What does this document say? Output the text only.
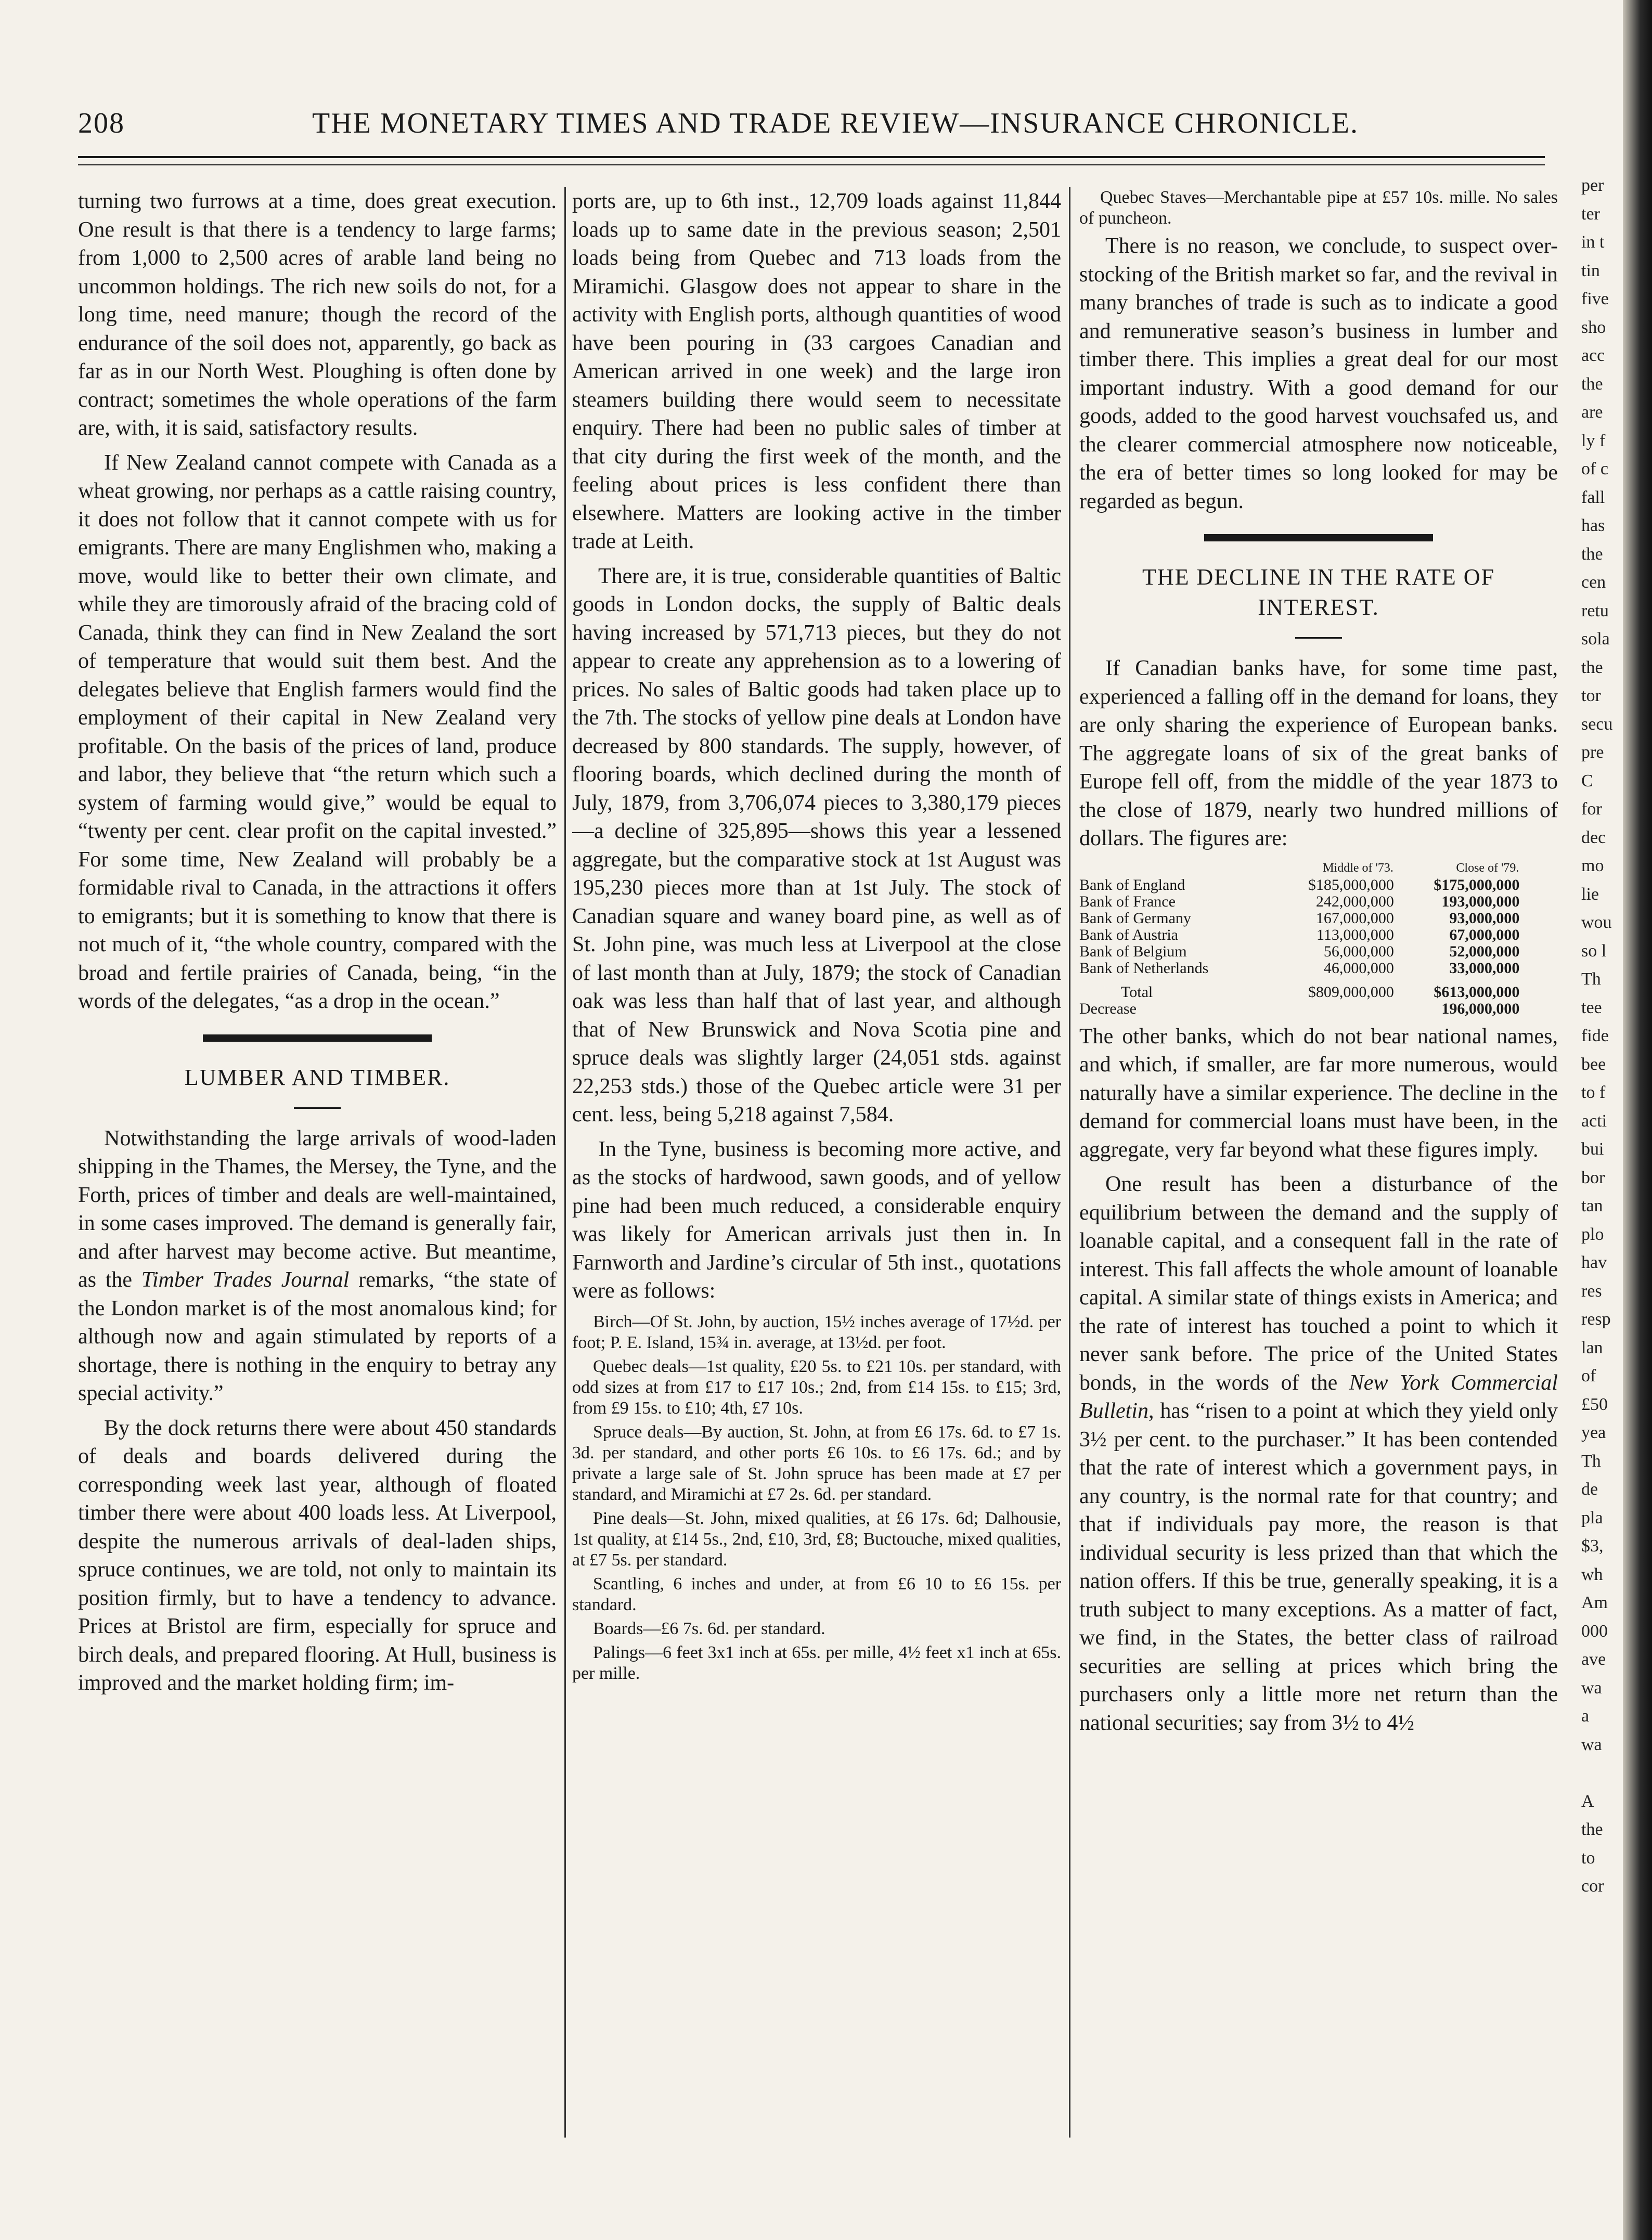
208	THE MONETARY TIMES AND TRADE REVIEW—INSURANCE CHRONICLE.

turning two furrows at a time, does great execution. One result is that there is a tendency to large farms; from 1,000 to 2,500 acres of arable land being no uncommon holdings. The rich new soils do not, for a long time, need manure; though the record of the endurance of the soil does not, apparently, go back as far as in our North West. Ploughing is often done by contract; sometimes the whole operations of the farm are, with, it is said, satisfactory results.

If New Zealand cannot compete with Canada as a wheat growing, nor perhaps as a cattle raising country, it does not follow that it cannot compete with us for emigrants. There are many Englishmen who, making a move, would like to better their own climate, and while they are timorously afraid of the bracing cold of Canada, think they can find in New Zealand the sort of temperature that would suit them best. And the delegates believe that English farmers would find the employment of their capital in New Zealand very profitable. On the basis of the prices of land, produce and labor, they believe that “the return which such a system of farming would give,” would be equal to “twenty per cent. clear profit on the capital invested.” For some time, New Zealand will probably be a formidable rival to Canada, in the attractions it offers to emigrants; but it is something to know that there is not much of it, “the whole country, compared with the broad and fertile prairies of Canada, being, “in the words of the delegates, “as a drop in the ocean.”

LUMBER AND TIMBER.

Notwithstanding the large arrivals of wood-laden shipping in the Thames, the Mersey, the Tyne, and the Forth, prices of timber and deals are well-maintained, in some cases improved. The demand is generally fair, and after harvest may become active. But meantime, as the Timber Trades Journal remarks, “the state of the London market is of the most anomalous kind; for although now and again stimulated by reports of a shortage, there is nothing in the enquiry to betray any special activity.”

By the dock returns there were about 450 standards of deals and boards delivered during the corresponding week last year, although of floated timber there were about 400 loads less. At Liverpool, despite the numerous arrivals of deal-laden ships, spruce continues, we are told, not only to maintain its position firmly, but to have a tendency to advance. Prices at Bristol are firm, especially for spruce and birch deals, and prepared flooring. At Hull, business is improved and the market holding firm; im-

ports are, up to 6th inst., 12,709 loads against 11,844 loads up to same date in the previous season; 2,501 loads being from Quebec and 713 loads from the Miramichi. Glasgow does not appear to share in the activity with English ports, although quantities of wood have been pouring in (33 cargoes Canadian and American arrived in one week) and the large iron steamers building there would seem to necessitate enquiry. There had been no public sales of timber at that city during the first week of the month, and the feeling about prices is less confident there than elsewhere. Matters are looking active in the timber trade at Leith.

There are, it is true, considerable quantities of Baltic goods in London docks, the supply of Baltic deals having increased by 571,713 pieces, but they do not appear to create any apprehension as to a lowering of prices. No sales of Baltic goods had taken place up to the 7th. The stocks of yellow pine deals at London have decreased by 800 standards. The supply, however, of flooring boards, which declined during the month of July, 1879, from 3,706,074 pieces to 3,380,179 pieces—a decline of 325,895—shows this year a lessened aggregate, but the comparative stock at 1st August was 195,230 pieces more than at 1st July. The stock of Canadian square and waney board pine, as well as of St. John pine, was much less at Liverpool at the close of last month than at July, 1879; the stock of Canadian oak was less than half that of last year, and although that of New Brunswick and Nova Scotia pine and spruce deals was slightly larger (24,051 stds. against 22,253 stds.) those of the Quebec article were 31 per cent. less, being 5,218 against 7,584.

In the Tyne, business is becoming more active, and as the stocks of hardwood, sawn goods, and of yellow pine had been much reduced, a considerable enquiry was likely for American arrivals just then in. In Farnworth and Jardine’s circular of 5th inst., quotations were as follows:

Birch—Of St. John, by auction, 15½ inches average of 17½d. per foot; P. E. Island, 15¾ in. average, at 13½d. per foot.

Quebec deals—1st quality, £20 5s. to £21 10s. per standard, with odd sizes at from £17 to £17 10s.; 2nd, from £14 15s. to £15; 3rd, from £9 15s. to £10; 4th, £7 10s.

Spruce deals—By auction, St. John, at from £6 17s. 6d. to £7 1s. 3d. per standard, and other ports £6 10s. to £6 17s. 6d.; and by private a large sale of St. John spruce has been made at £7 per standard, and Miramichi at £7 2s. 6d. per standard.

Pine deals—St. John, mixed qualities, at £6 17s. 6d; Dalhousie, 1st quality, at £14 5s., 2nd, £10, 3rd, £8; Buctouche, mixed qualities, at £7 5s. per standard.

Scantling, 6 inches and under, at from £6 10 to £6 15s. per standard.

Boards—£6 7s. 6d. per standard.

Palings—6 feet 3x1 inch at 65s. per mille, 4½ feet x1 inch at 65s. per mille.

Quebec Staves—Merchantable pipe at £57 10s. mille. No sales of puncheon.

There is no reason, we conclude, to suspect over-stocking of the British market so far, and the revival in many branches of trade is such as to indicate a good and remunerative season’s business in lumber and timber there. This implies a great deal for our most important industry. With a good demand for our goods, added to the good harvest vouchsafed us, and the clearer commercial atmosphere now noticeable, the era of better times so long looked for may be regarded as begun.

THE DECLINE IN THE RATE OF INTEREST.

If Canadian banks have, for some time past, experienced a falling off in the demand for loans, they are only sharing the experience of European banks. The aggregate loans of six of the great banks of Europe fell off, from the middle of the year 1873 to the close of 1879, nearly two hundred millions of dollars. The figures are:

	Middle of '73.	Close of '79.
Bank of England	$185,000,000	$175,000,000
Bank of France	242,000,000	193,000,000
Bank of Germany	167,000,000	93,000,000
Bank of Austria	113,000,000	67,000,000
Bank of Belgium	56,000,000	52,000,000
Bank of Netherlands	46,000,000	33,000,000
Total	$809,000,000	$613,000,000
Decrease		196,000,000

The other banks, which do not bear national names, and which, if smaller, are far more numerous, would naturally have a similar experience. The decline in the demand for commercial loans must have been, in the aggregate, very far beyond what these figures imply.

One result has been a disturbance of the equilibrium between the demand and the supply of loanable capital, and a consequent fall in the rate of interest. This fall affects the whole amount of loanable capital. A similar state of things exists in America; and the rate of interest has touched a point to which it never sank before. The price of the United States bonds, in the words of the New York Commercial Bulletin, has “risen to a point at which they yield only 3½ per cent. to the purchaser.” It has been contended that the rate of interest which a government pays, in any country, is the normal rate for that country; and that if individuals pay more, the reason is that individual security is less prized than that which the nation offers. If this be true, generally speaking, it is a truth subject to many exceptions. As a matter of fact, we find, in the States, the better class of railroad securities are selling at prices which bring the purchasers only a little more net return than the national securities; say from 3½ to 4½

per
ter
in t
tin
five
sho
acc
the
are
ly f
of c
fall
has
the
cen
retu
sola
the
tor
secu
pre
C
for
dec
mo
lie
wou
so l
Th
tee
fide
bee
to f
acti
bui
bor
tan
plo
hav
res
resp
lan
of
£50
yea
Th
de
pla
$3,
wh
Am
000
ave
wa
a
wa

A
the
to
cor
